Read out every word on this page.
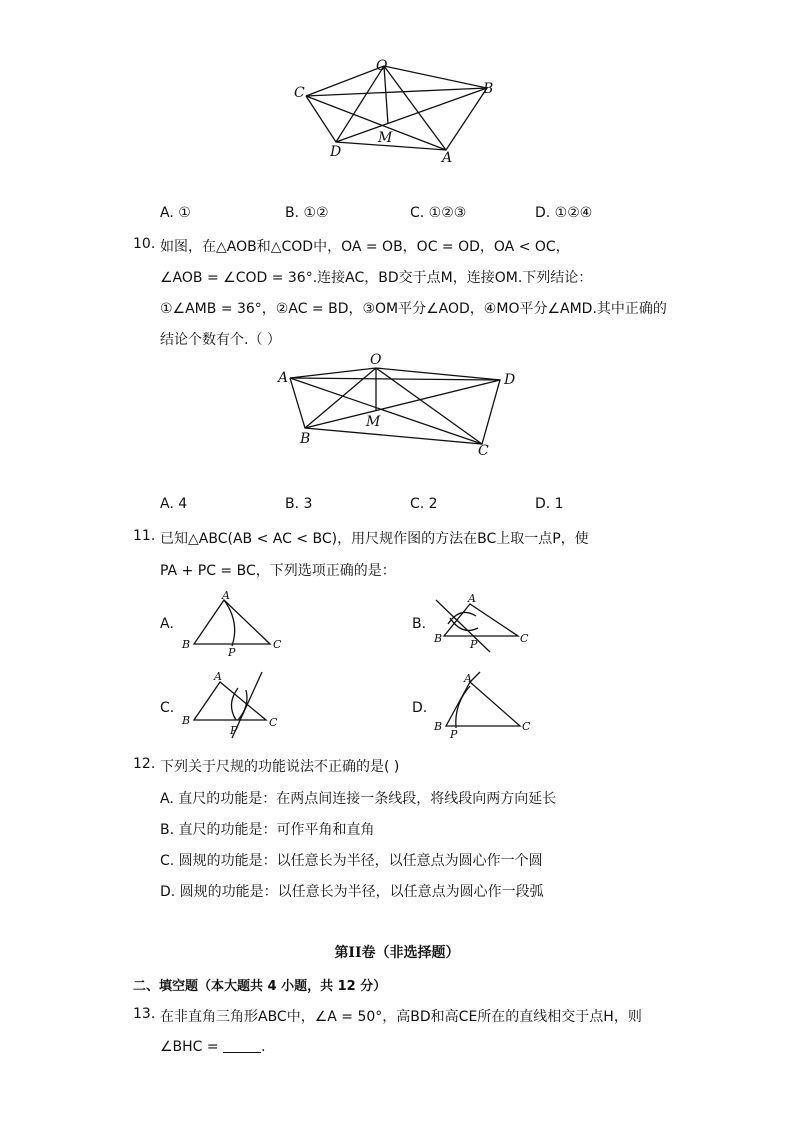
O
B
C
D
M
A
A. ①	B. ①②	C. ①②③	D. ①②④
10. 如图，在△AOB和△COD中，OA = OB，OC = OD，OA < OC，
∠AOB = ∠COD = 36°.连接AC，BD交于点M，连接OM.下列结论：
①∠AMB = 36°，②AC = BD，③OM平分∠AOD，④MO平分∠AMD.其中正确的
结论个数有个.（ ）
O
A	D
B
M
C
A. 4	B. 3	C. 2	D. 1
11. 已知△ABC(AB < AC < BC)，用尺规作图的方法在BC上取一点P，使
PA + PC = BC，下列选项正确的是：
A.
A
B	C
P
B.
A
B	C
P
C.
A
B	C
P
D.
A
B	C
P
12. 下列关于尺规的功能说法不正确的是( )
A. 直尺的功能是：在两点间连接一条线段，将线段向两方向延长
B. 直尺的功能是：可作平角和直角
C. 圆规的功能是：以任意长为半径，以任意点为圆心作一个圆
D. 圆规的功能是：以任意长为半径，以任意点为圆心作一段弧
第II卷（非选择题）
二、填空题（本大题共 4 小题，共 12 分）
13. 在非直角三角形ABC中，∠A = 50°，高BD和高CE所在的直线相交于点H，则
∠BHC =	.
